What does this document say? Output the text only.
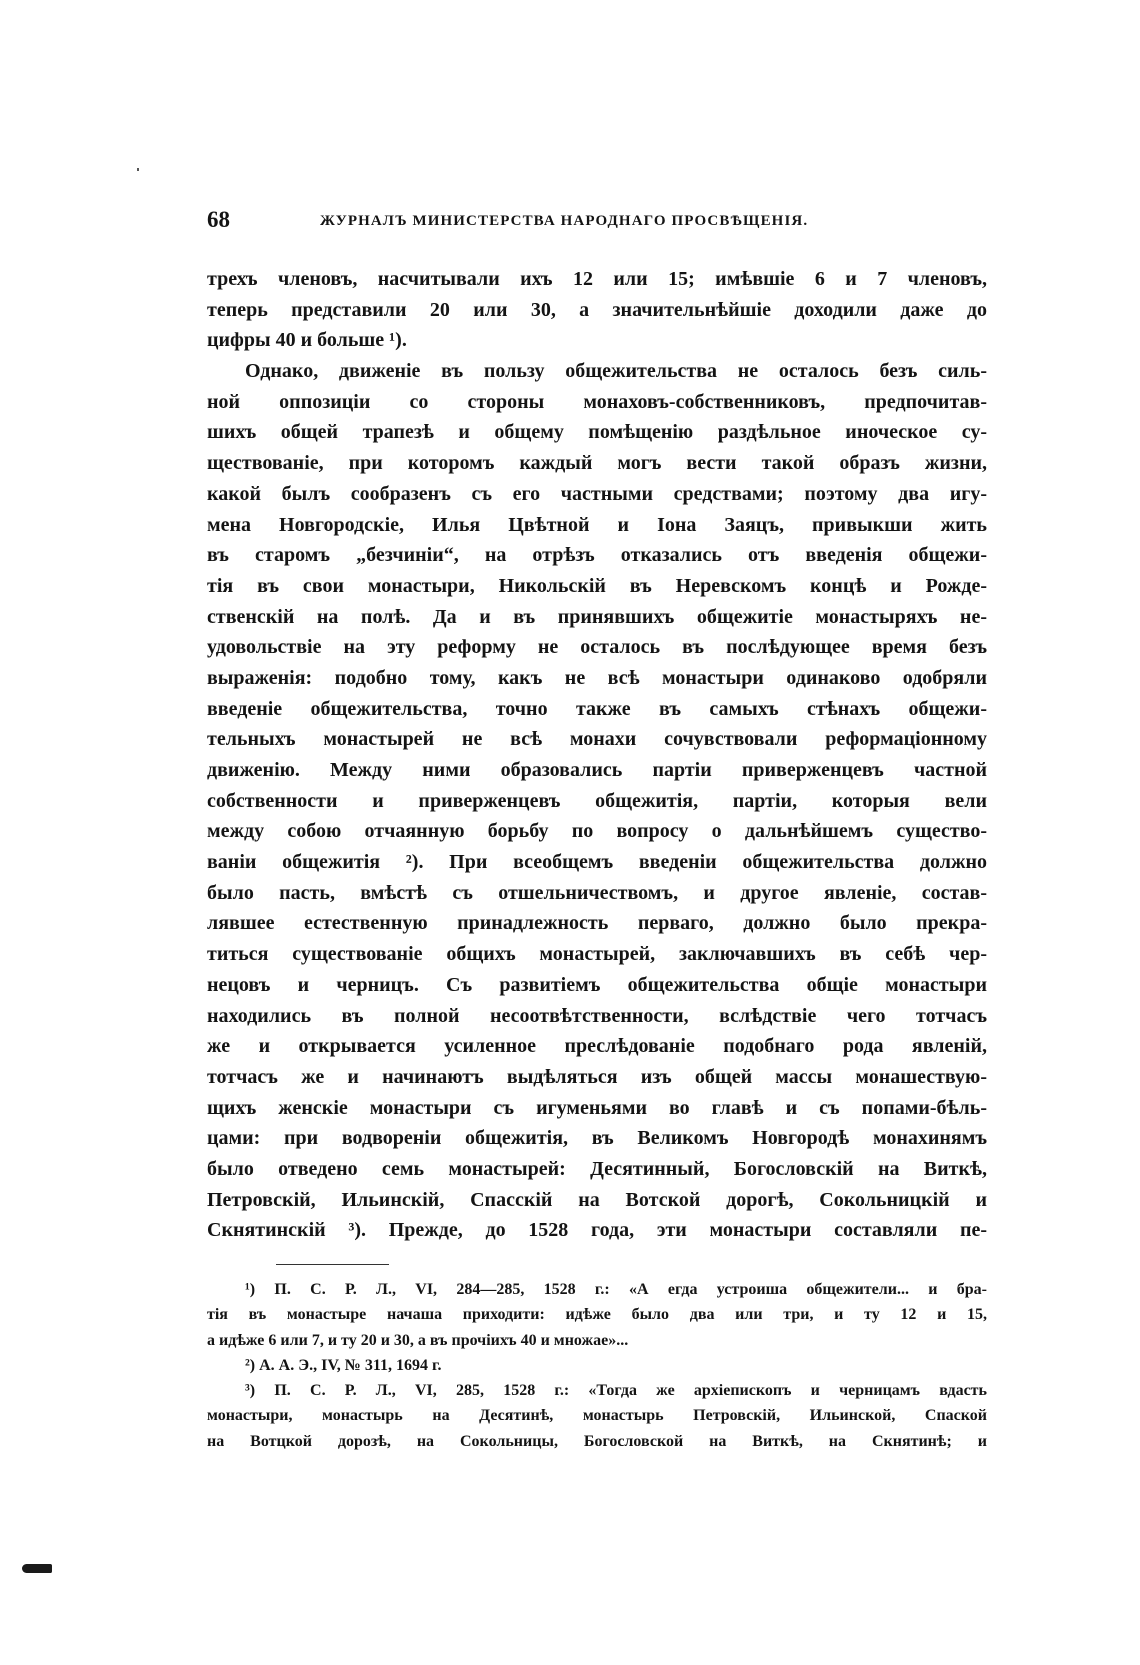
68	ЖУРНАЛЪ МИНИСТЕРСТВА НАРОДНАГО ПРОСВѢЩЕНІЯ.
трехъ членовъ, насчитывали ихъ 12 или 15; имѣвшіе 6 и 7 членовъ,
теперь представили 20 или 30, а значительнѣйшіе доходили даже до
цифры 40 и больше ¹).
Однако, движеніе въ пользу общежительства не осталось безъ силь-
ной оппозиціи со стороны монаховъ-собственниковъ, предпочитав-
шихъ общей трапезѣ и общему помѣщенію раздѣльное иноческое су-
ществованіе, при которомъ каждый могъ вести такой образъ жизни,
какой былъ сообразенъ съ его частными средствами; поэтому два игу-
мена Новгородскіе, Илья Цвѣтной и Іона Заяцъ, привыкши жить
въ старомъ „безчиніи“, на отрѣзъ отказались отъ введенія общежи-
тія въ свои монастыри, Никольскій въ Неревскомъ концѣ и Рожде-
ственскій на полѣ. Да и въ принявшихъ общежитіе монастыряхъ не-
удовольствіе на эту реформу не осталось въ послѣдующее время безъ
выраженія: подобно тому, какъ не всѣ монастыри одинаково одобряли
введеніе общежительства, точно также въ самыхъ стѣнахъ общежи-
тельныхъ монастырей не всѣ монахи сочувствовали реформаціонному
движенію. Между ними образовались партіи приверженцевъ частной
собственности и приверженцевъ общежитія, партіи, которыя вели
между собою отчаянную борьбу по вопросу о дальнѣйшемъ существо-
ваніи общежитія ²). При всеобщемъ введеніи общежительства должно
было пасть, вмѣстѣ съ отшельничествомъ, и другое явленіе, состав-
лявшее естественную принадлежность перваго, должно было прекра-
титься существованіе общихъ монастырей, заключавшихъ въ себѣ чер-
нецовъ и черницъ. Съ развитіемъ общежительства общіе монастыри
находились въ полной несоотвѣтственности, вслѣдствіе чего тотчасъ
же и открывается усиленное преслѣдованіе подобнаго рода явленій,
тотчасъ же и начинаютъ выдѣляться изъ общей массы монашествую-
щихъ женскіе монастыри съ игуменьями во главѣ и съ попами-бѣль-
цами: при водвореніи общежитія, въ Великомъ Новгородѣ монахинямъ
было отведено семь монастырей: Десятинный, Богословскій на Виткѣ,
Петровскій, Ильинскій, Спасскій на Вотской дорогѣ, Сокольницкій и
Скнятинскій ³). Прежде, до 1528 года, эти монастыри составляли пе-
¹) П. С. Р. Л., VI, 284—285, 1528 г.: «А егда устроиша общежители... и бра-
тія въ монастыре начаша приходити: идѣже было два или три, и ту 12 и 15,
а идѣже 6 или 7, и ту 20 и 30, а въ прочіихъ 40 и множае»...
²) А. А. Э., IV, № 311, 1694 г.
³) П. С. Р. Л., VI, 285, 1528 г.: «Тогда же архіепископъ и черницамъ вдасть
монастыри, монастырь на Десятинѣ, монастырь Петровскій, Ильинской, Спаской
на Вотцкой дорозѣ, на Сокольницы, Богословской на Виткѣ, на Скнятинѣ; и
